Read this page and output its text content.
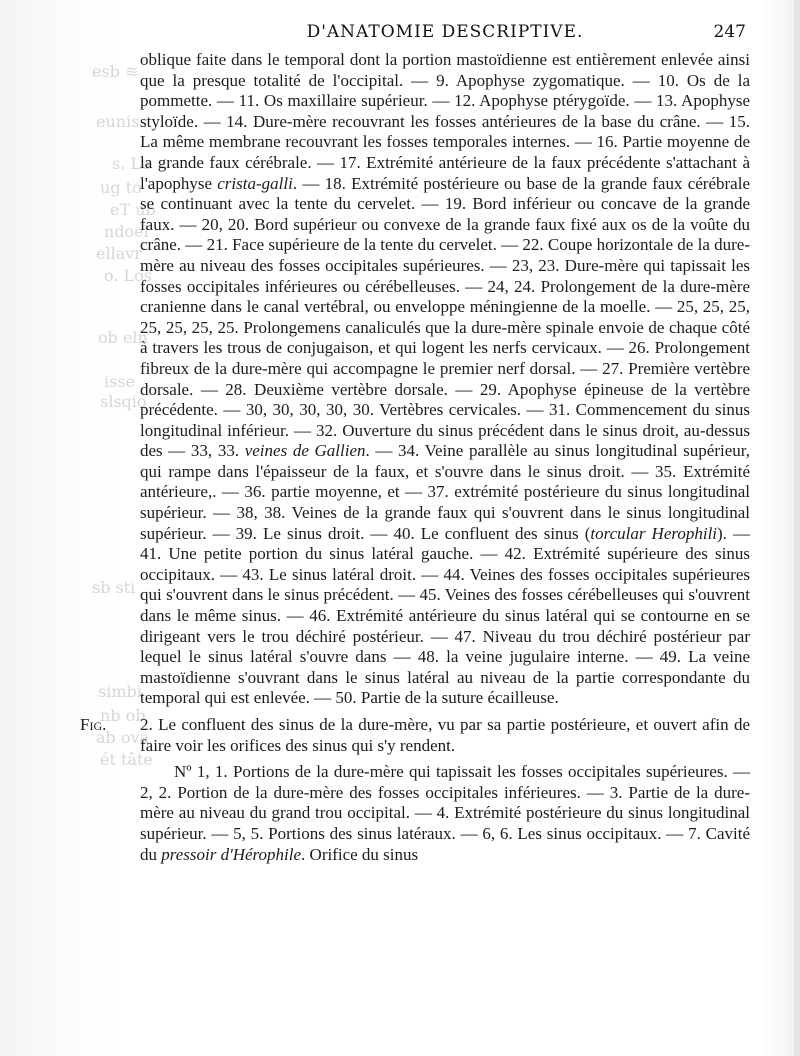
esb ≋
eunis
s. La
ug to
eT ub
ndoel
ellavr
o. Los
ob eln
isse
slsqio
sb sti
simbi
nb ob
ab ova
ét tâte
D'ANATOMIE DESCRIPTIVE.	247

oblique faite dans le temporal dont la portion mastoïdienne est entièrement enlevée ainsi que la presque totalité de l'occipital. — 9. Apophyse zygomatique. — 10. Os de la pommette. — 11. Os maxillaire supérieur. — 12. Apophyse ptérygoïde. — 13. Apophyse styloïde. — 14. Dure-mère recouvrant les fosses antérieures de la base du crâne. — 15. La même membrane recouvrant les fosses temporales internes. — 16. Partie moyenne de la grande faux cérébrale. — 17. Extrémité antérieure de la faux précédente s'attachant à l'apophyse crista-galli. — 18. Extrémité postérieure ou base de la grande faux cérébrale se continuant avec la tente du cervelet. — 19. Bord inférieur ou concave de la grande faux. — 20, 20. Bord supérieur ou convexe de la grande faux fixé aux os de la voûte du crâne. — 21. Face supérieure de la tente du cervelet. — 22. Coupe horizontale de la dure-mère au niveau des fosses occipitales supérieures. — 23, 23. Dure-mère qui tapissait les fosses occipitales inférieures ou cérébelleuses. — 24, 24. Prolongement de la dure-mère cranienne dans le canal vertébral, ou enveloppe méningienne de la moelle. — 25, 25, 25, 25, 25, 25, 25. Prolongemens canaliculés que la dure-mère spinale envoie de chaque côté à travers les trous de conjugaison, et qui logent les nerfs cervicaux. — 26. Prolongement fibreux de la dure-mère qui accompagne le premier nerf dorsal. — 27. Première vertèbre dorsale. — 28. Deuxième vertèbre dorsale. — 29. Apophyse épineuse de la vertèbre précédente. — 30, 30, 30, 30, 30. Vertèbres cervicales. — 31. Commencement du sinus longitudinal inférieur. — 32. Ouverture du sinus précédent dans le sinus droit, au-dessus des — 33, 33. veines de Gallien. — 34. Veine parallèle au sinus longitudinal supérieur, qui rampe dans l'épaisseur de la faux, et s'ouvre dans le sinus droit. — 35. Extrémité antérieure,. — 36. partie moyenne, et — 37. extrémité postérieure du sinus longitudinal supérieur. — 38, 38. Veines de la grande faux qui s'ouvrent dans le sinus longitudinal supérieur. — 39. Le sinus droit. — 40. Le confluent des sinus (torcular Herophili). — 41. Une petite portion du sinus latéral gauche. — 42. Extrémité supérieure des sinus occipitaux. — 43. Le sinus latéral droit. — 44. Veines des fosses occipitales supérieures qui s'ouvrent dans le sinus précédent. — 45. Veines des fosses cérébelleuses qui s'ouvrent dans le même sinus. — 46. Extrémité antérieure du sinus latéral qui se contourne en se dirigeant vers le trou déchiré postérieur. — 47. Niveau du trou déchiré postérieur par lequel le sinus latéral s'ouvre dans — 48. la veine jugulaire interne. — 49. La veine mastoïdienne s'ouvrant dans le sinus latéral au niveau de la partie correspondante du temporal qui est enlevée. — 50. Partie de la suture écailleuse.

Fig.	2. Le confluent des sinus de la dure-mère, vu par sa partie postérieure, et ouvert afin de faire voir les orifices des sinus qui s'y rendent.

Nº 1, 1. Portions de la dure-mère qui tapissait les fosses occipitales supérieures. — 2, 2. Portion de la dure-mère des fosses occipitales inférieures. — 3. Partie de la dure-mère au niveau du grand trou occipital. — 4. Extrémité postérieure du sinus longitudinal supérieur. — 5, 5. Portions des sinus latéraux. — 6, 6. Les sinus occipitaux. — 7. Cavité du pressoir d'Hérophile. Orifice du sinus
